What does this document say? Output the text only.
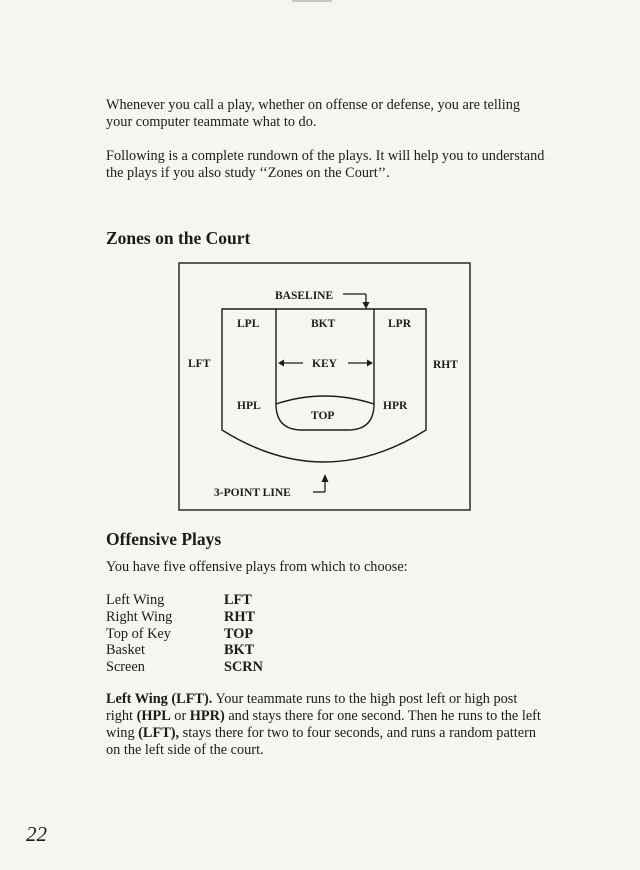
Whenever you call a play, whether on offense or defense, you are telling your computer teammate what to do.

Following is a complete rundown of the plays. It will help you to understand the plays if you also study ‘‘Zones on the Court’’.

Zones on the Court
BASELINE
LPL	BKT	LPR
LFT	KEY	RHT
HPL	HPR
TOP
3-POINT LINE
Offensive Plays

You have five offensive plays from which to choose:

Left Wing	LFT
Right Wing	RHT
Top of Key	TOP
Basket	BKT
Screen	SCRN

Left Wing (LFT). Your teammate runs to the high post left or high post right (HPL or HPR) and stays there for one second. Then he runs to the left wing (LFT), stays there for two to four seconds, and runs a random pattern on the left side of the court.

22
